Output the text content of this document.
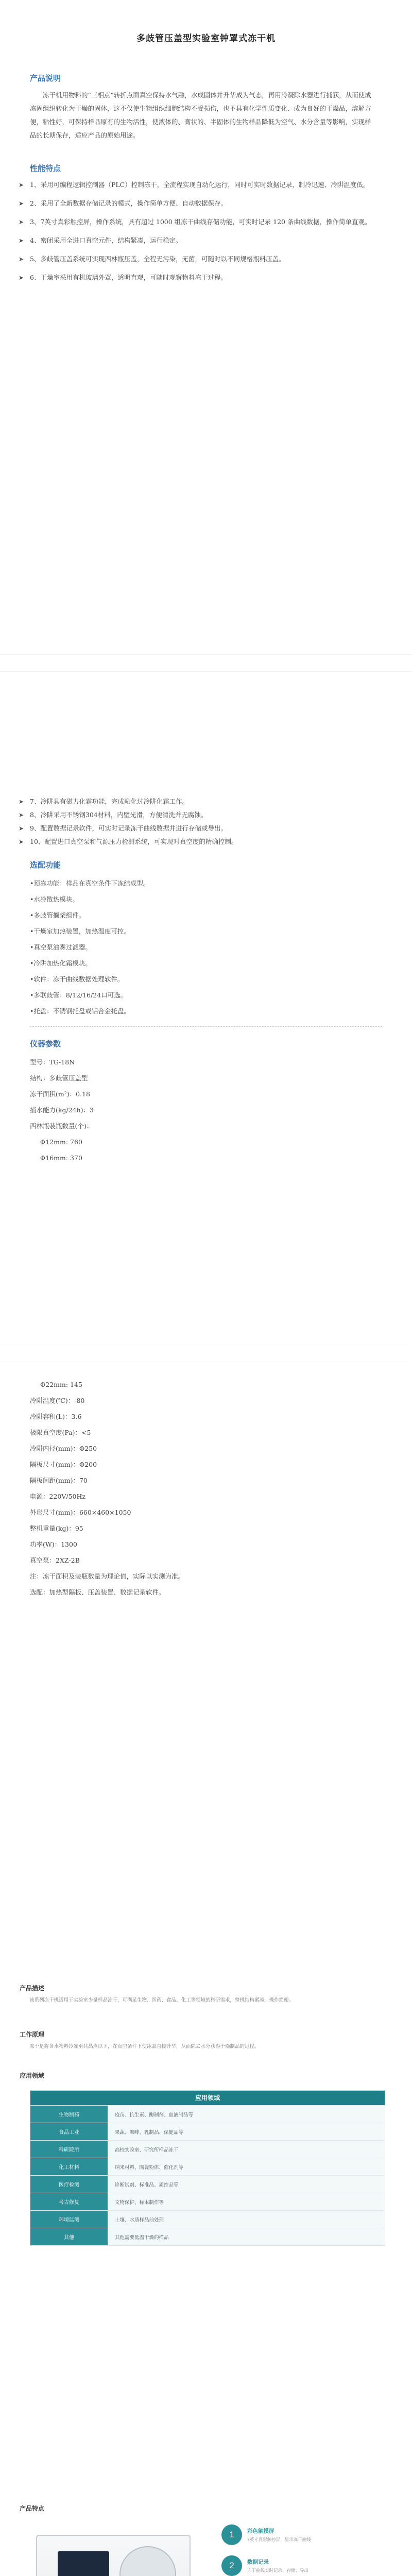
多歧管压盖型实验室钟罩式冻干机
产品说明
冻干机用物料的“三相点”转折点面真空保持水气融，水成固体并升华成为气态，再用冷凝除水器进行捕获，从而使成冻固组织转化为干燥的固体，这不仅使生物组织细胞结构不受损伤，也不具有化学性质变化、成为良好的干燥品，溶解方便，粘性好，可保持样品原有的生物活性，使液体的、膏状的、半固体的生物样品降低为空气、水分含量等影响，实现样品的长期保存，适应产品的原始用途。
性能特点
➤ 1、采用可编程逻辑控制器（PLC）控制冻干，全流程实现自动化运行，同时可实时数据记录，制冷迅速、冷阱温度低。
➤ 2、采用了全新数据存储记录的模式，操作简单方便、自动数据保存。
➤ 3、7英寸真彩触控屏，操作系统，具有超过 1000 组冻干曲线存储功能，可实时记录 120 条曲线数据，操作简单直观。
➤ 4、密闭采用全进口真空元件，结构紧凑，运行稳定。
➤ 5、多歧管压盖系统可实现西林瓶压盖，全程无污染，无菌，可随时以不同规格瓶料压盖。
➤ 6、干燥室采用有机玻璃外罩，透明直观，可随时观察物料冻干过程。
➤ 7、冷阱具有磁力化霜功能，完成融化过冷阱化霜工作。
➤ 8、冷阱采用不锈钢304材料，内壁光滑，方便清洗并无腐蚀。
➤ 9、配置数据记录软件，可实时记录冻干曲线数据并进行存储或导出。
➤ 10、配置进口真空泵和气源压力检测系统，可实现对真空度的精确控制。
选配功能
•预冻功能：样品在真空条件下冻结成型。
•水冷散热模块。
•多歧管搁架组件。
•干燥室加热装置，加热温度可控。
•真空泵油雾过滤器。
•冷阱加热化霜模块。
•软件：冻干曲线数据处理软件。
•多联歧管：8/12/16/24口可选。
•托盘：不锈钢托盘或铝合金托盘。
仪器参数
型号：TG-18N
结构：多歧管压盖型
冻干面积(m²)：0.18
捕水能力(kg/24h)：3
西林瓶装瓶数量(个)：
Φ12mm: 760
Φ16mm: 370
Φ22mm: 145
冷阱温度(℃)：-80
冷阱容积(L)：3.6
极限真空度(Pa)：<5
冷阱内径(mm)：Φ250
隔板尺寸(mm)：Φ200
隔板间距(mm)：70
电源：220V/50Hz
外形尺寸(mm)：660×460×1050
整机重量(kg)：95
功率(W)：1300
真空泵：2XZ-2B
注：冻干面积及装瓶数量为理论值，实际以实测为准。
选配：加热型隔板、压盖装置、数据记录软件。
产品描述
该系列冻干机适用于实验室少量样品冻干，可满足生物、医药、食品、化工等领域的科研需求，整机结构紧凑，操作简便。
工作原理
冻干是将含水物料冷冻至共晶点以下，在真空条件下使冰晶直接升华，从而除去水分获得干燥制品的过程。
应用领域
应用领域
生物制药	疫苗、抗生素、酶制剂、血液制品等
食品工业	果蔬、咖啡、乳制品、保健品等
科研院所	高校实验室、研究所样品冻干
化工材料	纳米材料、陶瓷粉体、催化剂等
医疗检测	诊断试剂、标准品、质控品等
考古修复	文物保护、标本制作等
环境监测	土壤、水质样品前处理
其他	其他需要低温干燥的样品
产品特点
1	彩色触摸屏
7英寸真彩触控屏，显示冻干曲线
2	数据记录
冻干曲线实时记录、存储、导出
